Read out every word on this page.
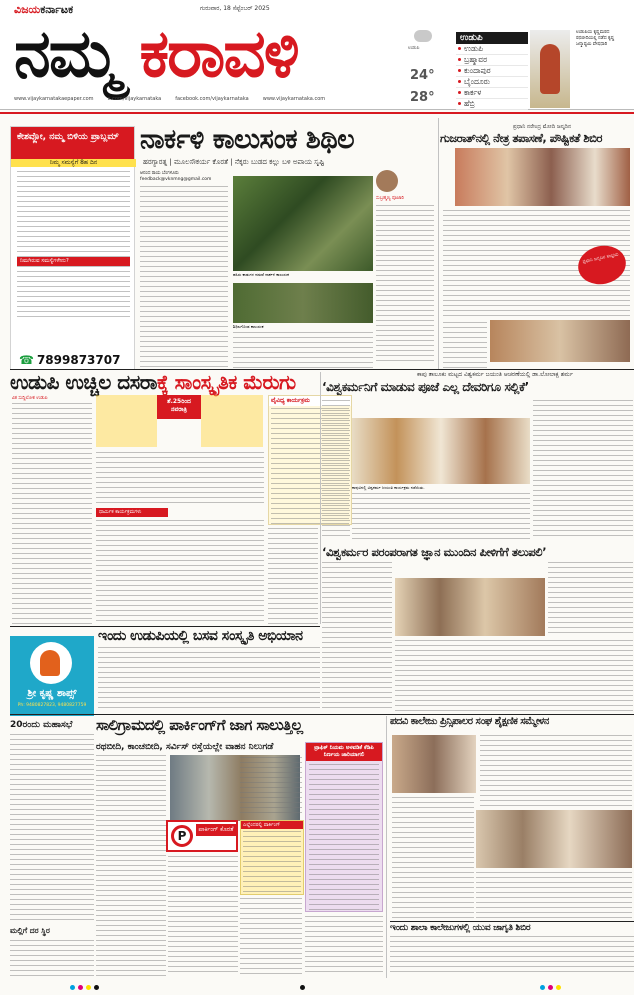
ವಿಜಯಕರ್ನಾಟಕ	ಗುರುವಾರ, 18 ಸೆಪ್ಟೆಂಬರ್ 2025
ನಮ್ಮ ಕರಾವಳಿ
www.vijaykarnatakaepaper.com	x.com/vijaykarnataka	facebook.com/vijaykarnataka	www.vijaykarnataka.com
ಉಡುಪಿ
24°
28°
ಉಡುಪಿ
ಉಡುಪಿ
ಬ್ರಹ್ಮಾವರ
ಕುಂದಾಪುರ
ಬೈಂದೂರು
ಕಾರ್ಕಳ
ಹೆಬ್ರಿ
ಉಡುಪಿಯ ಕೃಷ್ಣಮಠದ ರಥಬೀದಿಯಲ್ಲಿ ನಡೆದ ಕೃಷ್ಣ ಜನ್ಮಾಷ್ಟಮಿ ವೇಷಧಾರಿ
ಕೇಶವ್ಲೋ, ನಮ್ಮ ಬಿಳಿಯ ಪ್ರಾಬ್ಲಮ್
ನಿಮ್ಮ ಸಮಸ್ಯೆಗೆ 8ಹ ದಿನ
ನಿಮಗಿರುವ ಸಮಸ್ಯೆಗಳೇನು?
☎ 7899873707
ನಾರ್ಕಳಿ ಕಾಲುಸಂಕ ಶಿಥಿಲ
ಹರಗ್ಯಾರತ್ನ | ಮೂಲಸೌಕರ್ಯ ಕೊರತೆ | ನೆಕ್ಕರು ಬುಡದ ಕಲ್ಲು ಬಳಿ ಅಪಾಯ ಸೃಷ್ಟಿ
ಆನಂದ ರಾಯ ಬೆಂಗಳೂರು
feedback@vknmng@gmail.com
ಹಸಿರು ಕಾಡುಗಳ ನಡುವೆ ನಾರ್ಕಳಿ ಕಾಲುಸಂಕ
ಶಿಥಿಲಗೊಂಡ ಕಾಲುಸಂಕ
ಸುಬ್ರಹ್ಮಣ್ಯ ಪೂಜಾರಿ
ಪ್ರಧಾನಿ ನರೇಂದ್ರ ಮೋದಿ ಜನ್ಮದಿನ
ಗುಜರಾತ್‌ನಲ್ಲಿ ನೇತ್ರ ತಪಾಸಣೆ, ಪೌಷ್ಟಿಕತೆ ಶಿಬಿರ
ಪ್ರಧಾನಿ ಜನ್ಮದಿನ ಸಂಭ್ರಮ
ಉಡುಪಿ ಉಚ್ಚಿಲ ದಸರಾಕ್ಕೆ ಸಾಂಸ್ಕೃತಿಕ ಮೆರುಗು
ವಿಕ ಸುದ್ದಿಲೋಕ ಉಡುಪಿ	ಶೆ.25ರಿಂದ ನವರಾತ್ರಿ
ಧಾರ್ಮಿಕ ಕಾರ್ಯಕ್ರಮಗಳು
ವೈವಿಧ್ಯ ಕಾರ್ಯಕ್ರಮ
ಕಾಪು ತಾಲೂಕು ಮಟ್ಟದ ವಿಶ್ವಕರ್ಮ ಜಯಂತಿ ಆಚರಣೆಯಲ್ಲಿ ಡಾ.ಲೋಲಾಕ್ಷ ಶರ್ಮ
‘ವಿಶ್ವಕರ್ಮನಿಗೆ ಮಾಡುವ ಪೂಜೆ ಎಲ್ಲ ದೇವರಿಗೂ ಸಲ್ಲಿಕೆ’
ಕಾಪುವಿನಲ್ಲಿ ವಿಶ್ವಕರ್ಮ ಜಯಂತಿ ಕಾರ್ಯಕ್ರಮ ನಡೆಯಿತು.
‘ವಿಶ್ವಕರ್ಮರ ಪರಂಪರಾಗತ ಜ್ಞಾನ ಮುಂದಿನ ಪೀಳಿಗೆಗೆ ತಲುಪಲಿ’
ಶ್ರೀ ಕೃಷ್ಣ ಶಾಪ್ಸ್
Ph: 9480827823, 9480827759
ಇಂದು ಉಡುಪಿಯಲ್ಲಿ ಬಸವ ಸಂಸ್ಕೃತಿ ಅಭಿಯಾನ
20ರಂದು ಮಹಾಸಭೆ
ಮಲ್ಲಿಗೆ ದರ ಸ್ಥಿರ
ಸಾಲಿಗ್ರಾಮದಲ್ಲಿ ಪಾರ್ಕಿಂಗ್‌ಗೆ ಜಾಗ ಸಾಲುತ್ತಿಲ್ಲ
ರಥಬೀದಿ, ಕಾಂಚಬೀದಿ, ಸರ್ವಿಸ್ ರಸ್ತೆಯಲ್ಲೇ ವಾಹನ ನಿಲುಗಡೆ
P	ಪಾರ್ಕಿಂಗ್ ಕೊರತೆ
ಎಲ್ಲೆಂದರಲ್ಲಿ ಪಾರ್ಕಿಂಗ್
ಟ್ರಾಫಿಕ್ ನಿಯಮ ಅಳವಡಿಕೆ ಕೆಡಿಪಿ ನಿರ್ಣಯ ಜಾರಿಯಾಗಲಿ
ಪದವಿ ಕಾಲೇಜು ಪ್ರಿನ್ಸಿಪಾಲರ ಸಂಘ ಶೈಕ್ಷಣಿಕ ಸಮ್ಮೇಳನ
ಇಂದು ಶಾಲಾ ಕಾಲೇಜುಗಳಲ್ಲಿ ಯುವ ಜಾಗೃತಿ ಶಿಬಿರ
